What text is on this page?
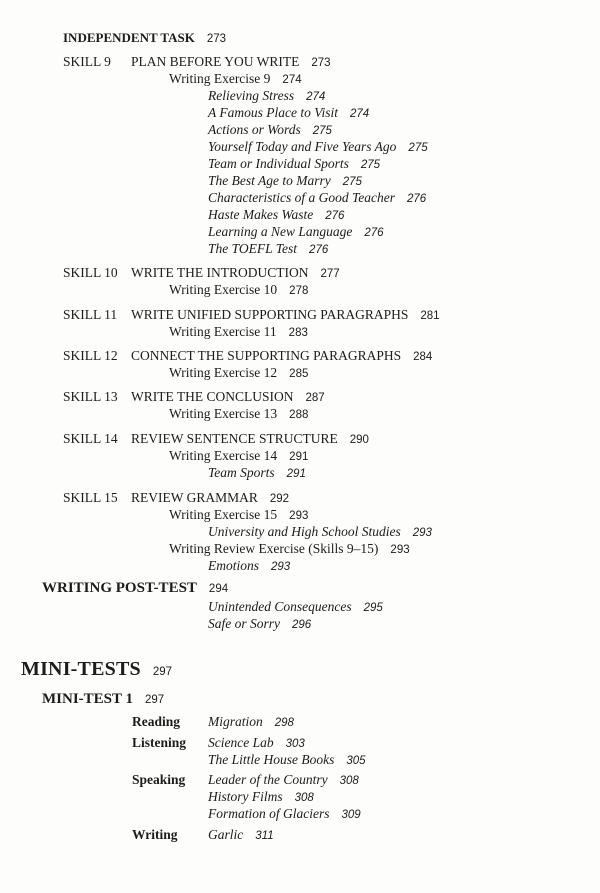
INDEPENDENT TASK 273
SKILL 9 PLAN BEFORE YOU WRITE 273
Writing Exercise 9 274
Relieving Stress 274
A Famous Place to Visit 274
Actions or Words 275
Yourself Today and Five Years Ago 275
Team or Individual Sports 275
The Best Age to Marry 275
Characteristics of a Good Teacher 276
Haste Makes Waste 276
Learning a New Language 276
The TOEFL Test 276
SKILL 10 WRITE THE INTRODUCTION 277
Writing Exercise 10 278
SKILL 11 WRITE UNIFIED SUPPORTING PARAGRAPHS 281
Writing Exercise 11 283
SKILL 12 CONNECT THE SUPPORTING PARAGRAPHS 284
Writing Exercise 12 285
SKILL 13 WRITE THE CONCLUSION 287
Writing Exercise 13 288
SKILL 14 REVIEW SENTENCE STRUCTURE 290
Writing Exercise 14 291
Team Sports 291
SKILL 15 REVIEW GRAMMAR 292
Writing Exercise 15 293
University and High School Studies 293
Writing Review Exercise (Skills 9–15) 293
Emotions 293
WRITING POST-TEST 294
Unintended Consequences 295
Safe or Sorry 296
MINI-TESTS 297
MINI-TEST 1 297
Reading Migration 298
Listening Science Lab 303
The Little House Books 305
Speaking Leader of the Country 308
History Films 308
Formation of Glaciers 309
Writing Garlic 311
